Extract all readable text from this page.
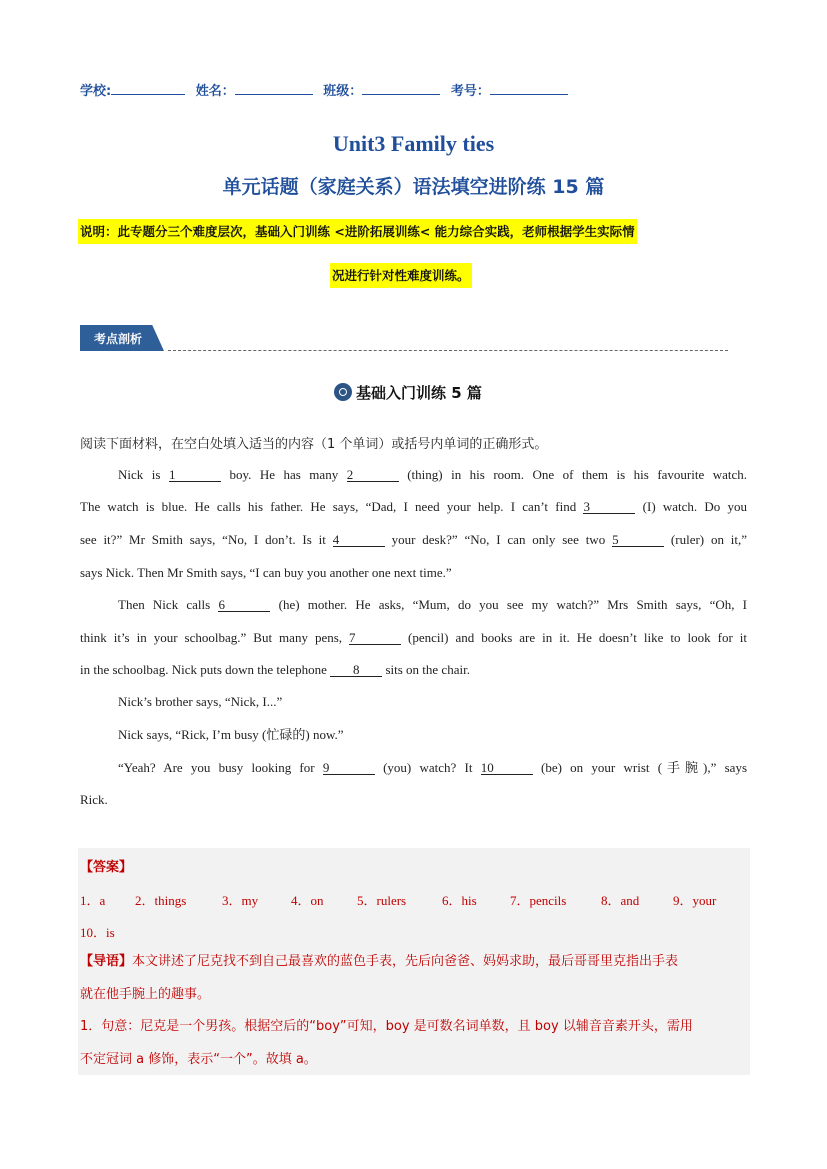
学校:	姓名：	班级：	考号：
Unit3 Family ties
单元话题（家庭关系）语法填空进阶练 15 篇
说明：此专题分三个难度层次，基础入门训练 <进阶拓展训练< 能力综合实践，老师根据学生实际情
况进行针对性难度训练。
考点剖析
基础入门训练 5 篇
阅读下面材料，在空白处填入适当的内容（1 个单词）或括号内单词的正确形式。
Nick is 1	boy. He has many 2	(thing) in his room. One of them is his favourite watch.
The watch is blue. He calls his father. He says, “Dad, I need your help. I can’t find 3	(I) watch. Do you
see it?” Mr Smith says, “No, I don’t. Is it 4	your desk?” “No, I can only see two 5	(ruler) on it,”
says Nick. Then Mr Smith says, “I can buy you another one next time.”
Then Nick calls 6	(he) mother. He asks, “Mum, do you see my watch?” Mrs Smith says, “Oh, I
think it’s in your schoolbag.” But many pens, 7	(pencil) and books are in it. He doesn’t like to look for it
in the schoolbag. Nick puts down the telephone 8 sits on the chair.
Nick’s brother says, “Nick, I...”
Nick says, “Rick, I’m busy (忙碌的) now.”
“Yeah? Are you busy looking for 9	(you) watch? It 10	(be) on your wrist (手腕),” says
Rick.
【答案】
1．a 2．things	3．my	4．on	5．rulers	6．his	7．pencils	8．and	9．your
10．is
【导语】本文讲述了尼克找不到自己最喜欢的蓝色手表，先后向爸爸、妈妈求助，最后哥哥里克指出手表
就在他手腕上的趣事。
1．句意：尼克是一个男孩。根据空后的“boy”可知，boy 是可数名词单数，且 boy 以辅音音素开头，需用
不定冠词 a 修饰，表示“一个”。故填 a。
